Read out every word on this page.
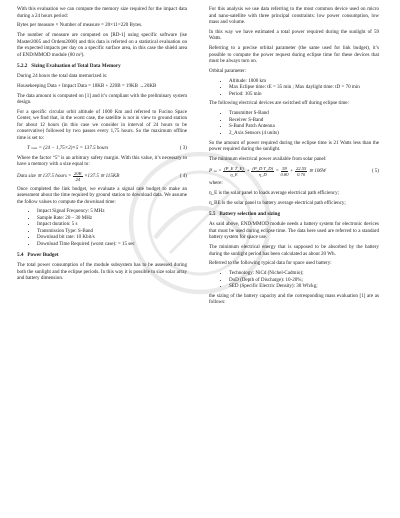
With this evaluation we can compute the memory size required for the impact data during a 24 hours period:

Bytes per measure × Number of measure = 20×11=220 Bytes.

The number of measure are computed on [RD-1] using specific software (ise Master2005 and Ordem2000) and this data is referred on a statistical evaluation on the expected impacts per day on a specific surface area, in this case the shield area of END/MMOD module (80 m²).

5.2.2 Sizing Evaluation of Total Data Memory

During 24 hours the total data memorized is:

Housekeeping Data + Impact Data = 18KB + 220B = 19KB →20KB

The data amount is computed on [1] and it’s compliant with the preliminary system design.

For a specific circular orbit altitude of 1000 Km and referred to Fucino Space Center, we find that, in the worst case, the satellite is not in view to ground station for about 12 hours (in this case we consider in interval of 24 hours to be conservative) followed by two passes every 1,75 hours. So the maximum offline time is set to:

T max = (24 − 1,75×2)×5 = 137.5 hours	( 3)

Where the factor “5” is an arbitrary safety margin. With this value, it’s necessary to have a memory with a size equal to:

Data size ≅ 137.5 hours = $\frac{20K}{24} \times 137.5$ ≅ 115KB	( 4)

Once completed the link budget, we evaluate a signal rate budget to make an assessment about the time required by ground station to download data. We assume the follow values to compute the download time:

• Impact Signal Frequency: 5 MHz
• Sample Rate: 20 – 30 MHz
• Impact duration: 5 s
• Transmission Type: S-Band
• Download bit rate: 10 Kbit/s
• Download Time Required (worst case): = 15 sec
5.4 Power Budget

The total power consumption of the module subsystem has to be assessed during both the sunlight and the eclipse periods. In this way it is possible to size solar array and battery dimension.

For this analysis we use data referring to the most common device used on micro and nano-satellite with three principal constraints: low power consumption, low mass and volume.

In this way we have estimated a total power required during the sunlight of 59 Watts.

Referring to a precise orbital parameter (the same used for link budget), it’s possible to compute the power request during eclipse time for these devices that must be always turn on.

Orbital parameter:

• Altitude: 1000 km
• Max Eclipse time: tE = 35 min ; Max daylight time: tD = 70 min
• Period: 105 min

The following electrical devices are switched off during eclipse time:

• Transmitter S-Band
• Receiver S-Band
• S-Band Patch Antenna
• 2_Axis Sensors (4 units)

So the amount of power required during the eclipse time is 21 Watts less than the power required during the sunlight.

The minimum electrical power available from solar panel:

P sa = $\frac{\text{(P\_E T\_E)}}{\eta\_E} + \frac{\text{(P\_D T\_D)}}{\eta\_D} = \frac{59}{0.80} + \frac{22.55}{0.70}$ ≅ 106W	( 5)

where:

η_E is the solar panel to loads average electrical path efficiency;

η_BE is the solar panel to battery average electrical path efficiency;

5.5 Battery selection and sizing

As said above, END/MMOD module needs a battery system for electronic devices that must be used during eclipse time. The data here used are referred to a standard battery system for space use.

The minimum electrical energy that is supposed to be absorbed by the battery during the sunlight period has been calculated as about 20 Wh.

Referred to the following typical data for space used battery:

• Technology: NiCd (Nichel-Cadmio);
• DoD (Depth of Discharge): 10-20%;
• SED (Specific Electric Density): 30 Wh/kg;

the sizing of the battery capacity and the corresponding mass evaluation [1] are as follows:
